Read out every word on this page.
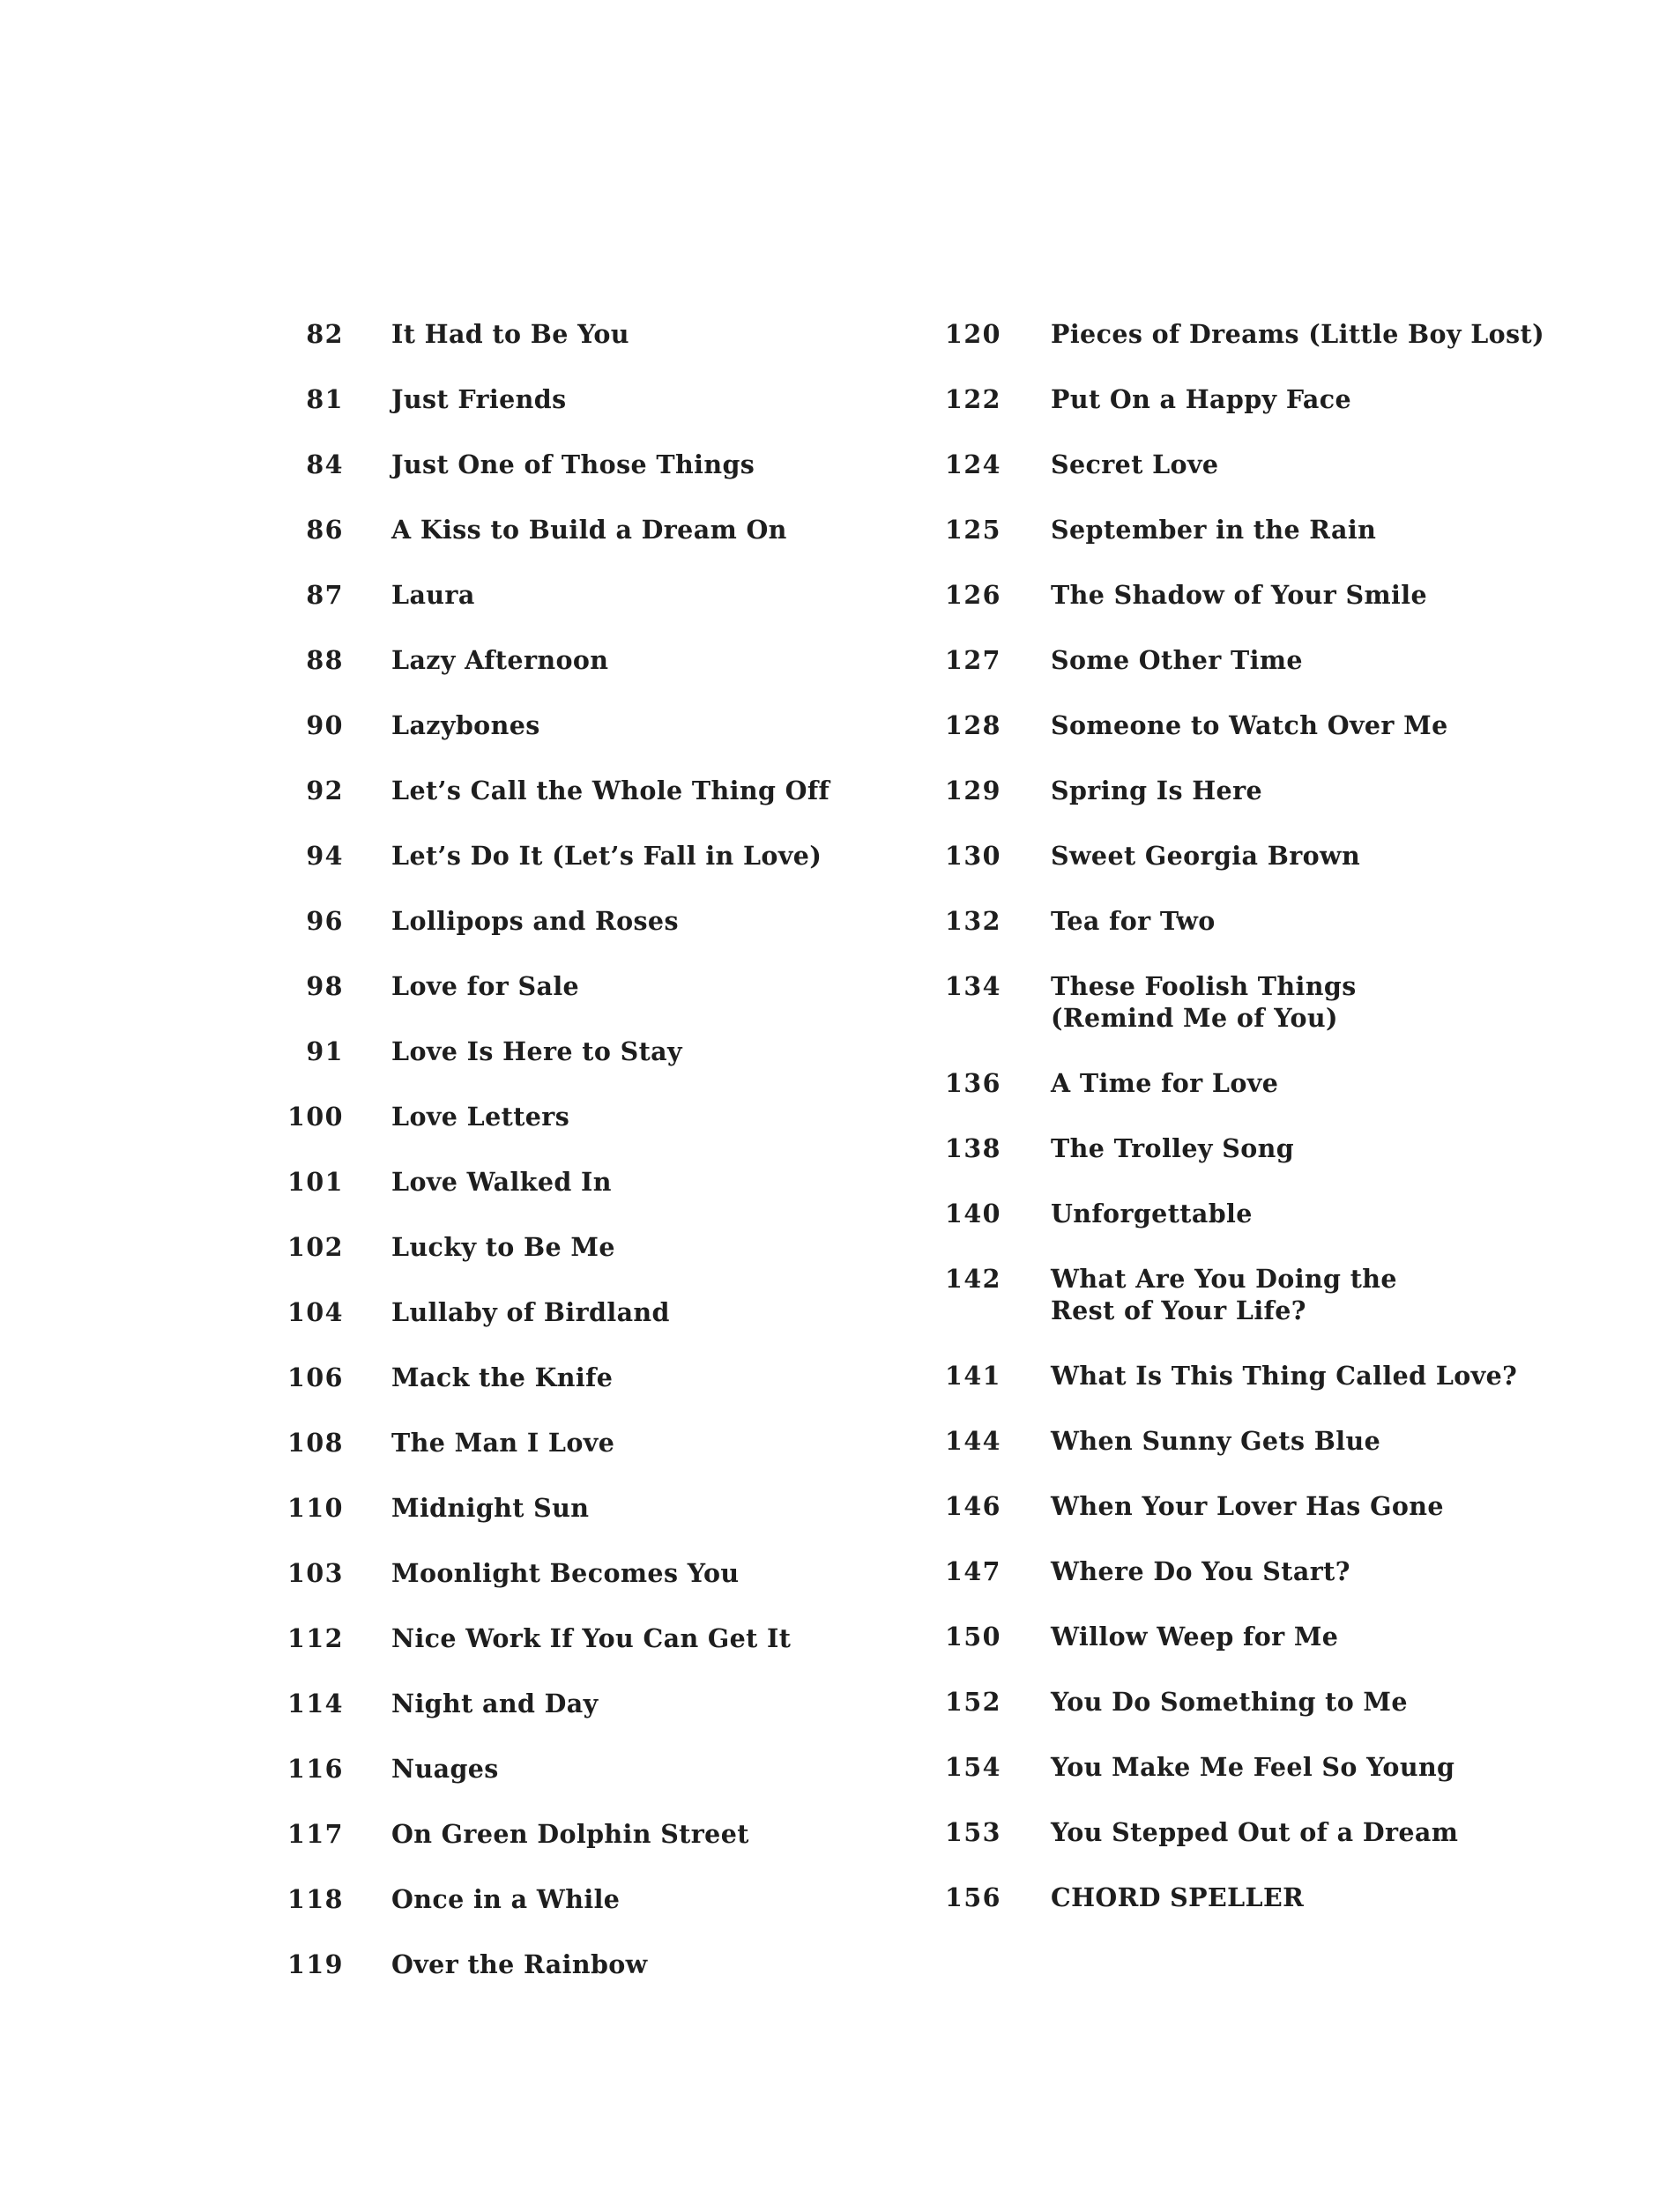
82	It Had to Be You
81	Just Friends
84	Just One of Those Things
86	A Kiss to Build a Dream On
87	Laura
88	Lazy Afternoon
90	Lazybones
92	Let’s Call the Whole Thing Off
94	Let’s Do It (Let’s Fall in Love)
96	Lollipops and Roses
98	Love for Sale
91	Love Is Here to Stay
100	Love Letters
101	Love Walked In
102	Lucky to Be Me
104	Lullaby of Birdland
106	Mack the Knife
108	The Man I Love
110	Midnight Sun
103	Moonlight Becomes You
112	Nice Work If You Can Get It
114	Night and Day
116	Nuages
117	On Green Dolphin Street
118	Once in a While
119	Over the Rainbow
120	Pieces of Dreams (Little Boy Lost)
122	Put On a Happy Face
124	Secret Love
125	September in the Rain
126	The Shadow of Your Smile
127	Some Other Time
128	Someone to Watch Over Me
129	Spring Is Here
130	Sweet Georgia Brown
132	Tea for Two
134	These Foolish Things
(Remind Me of You)
136	A Time for Love
138	The Trolley Song
140	Unforgettable
142	What Are You Doing the
Rest of Your Life?
141	What Is This Thing Called Love?
144	When Sunny Gets Blue
146	When Your Lover Has Gone
147	Where Do You Start?
150	Willow Weep for Me
152	You Do Something to Me
154	You Make Me Feel So Young
153	You Stepped Out of a Dream
156	CHORD SPELLER
